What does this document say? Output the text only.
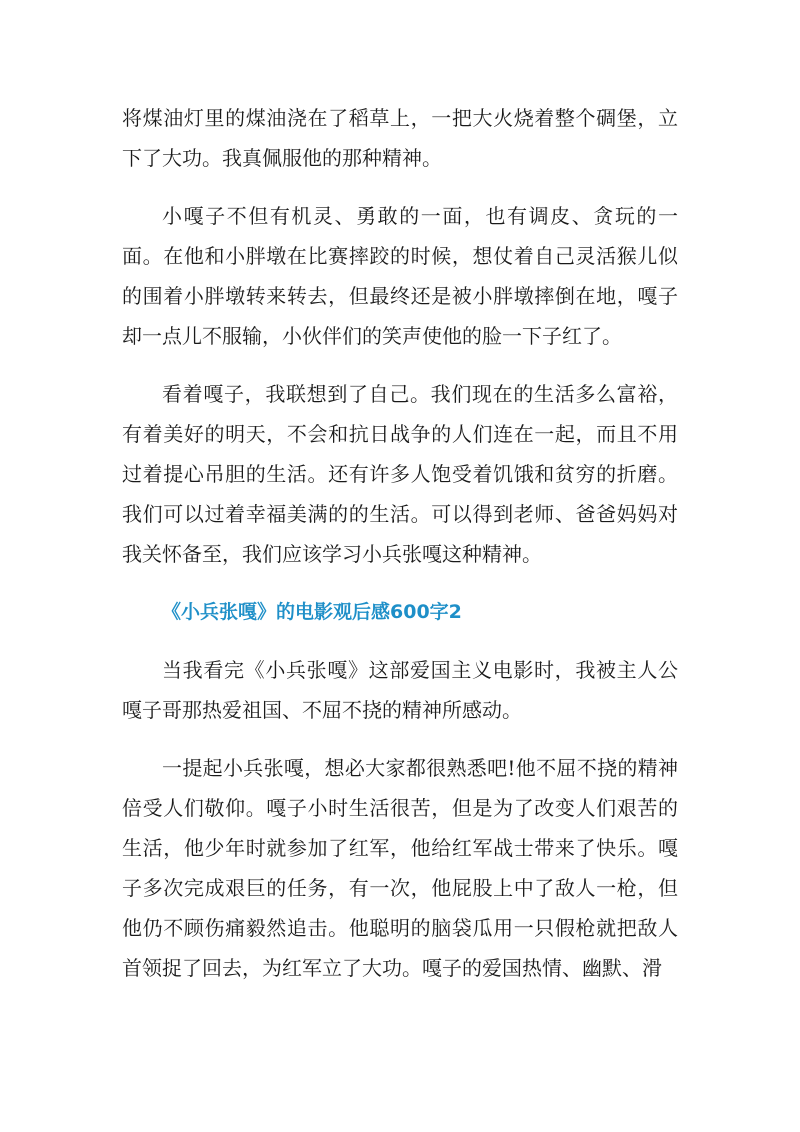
将煤油灯里的煤油浇在了稻草上，一把大火烧着整个碉堡，立下了大功。我真佩服他的那种精神。

小嘎子不但有机灵、勇敢的一面，也有调皮、贪玩的一面。在他和小胖墩在比赛摔跤的时候，想仗着自己灵活猴儿似的围着小胖墩转来转去，但最终还是被小胖墩摔倒在地，嘎子却一点儿不服输，小伙伴们的笑声使他的脸一下子红了。

看着嘎子，我联想到了自己。我们现在的生活多么富裕，有着美好的明天，不会和抗日战争的人们连在一起，而且不用过着提心吊胆的生活。还有许多人饱受着饥饿和贫穷的折磨。我们可以过着幸福美满的的生活。可以得到老师、爸爸妈妈对我关怀备至，我们应该学习小兵张嘎这种精神。

《小兵张嘎》的电影观后感600字2

当我看完《小兵张嘎》这部爱国主义电影时，我被主人公嘎子哥那热爱祖国、不屈不挠的精神所感动。

一提起小兵张嘎，想必大家都很熟悉吧!他不屈不挠的精神倍受人们敬仰。嘎子小时生活很苦，但是为了改变人们艰苦的生活，他少年时就参加了红军，他给红军战士带来了快乐。嘎子多次完成艰巨的任务，有一次，他屁股上中了敌人一枪，但他仍不顾伤痛毅然追击。他聪明的脑袋瓜用一只假枪就把敌人首领捉了回去，为红军立了大功。嘎子的爱国热情、幽默、滑
